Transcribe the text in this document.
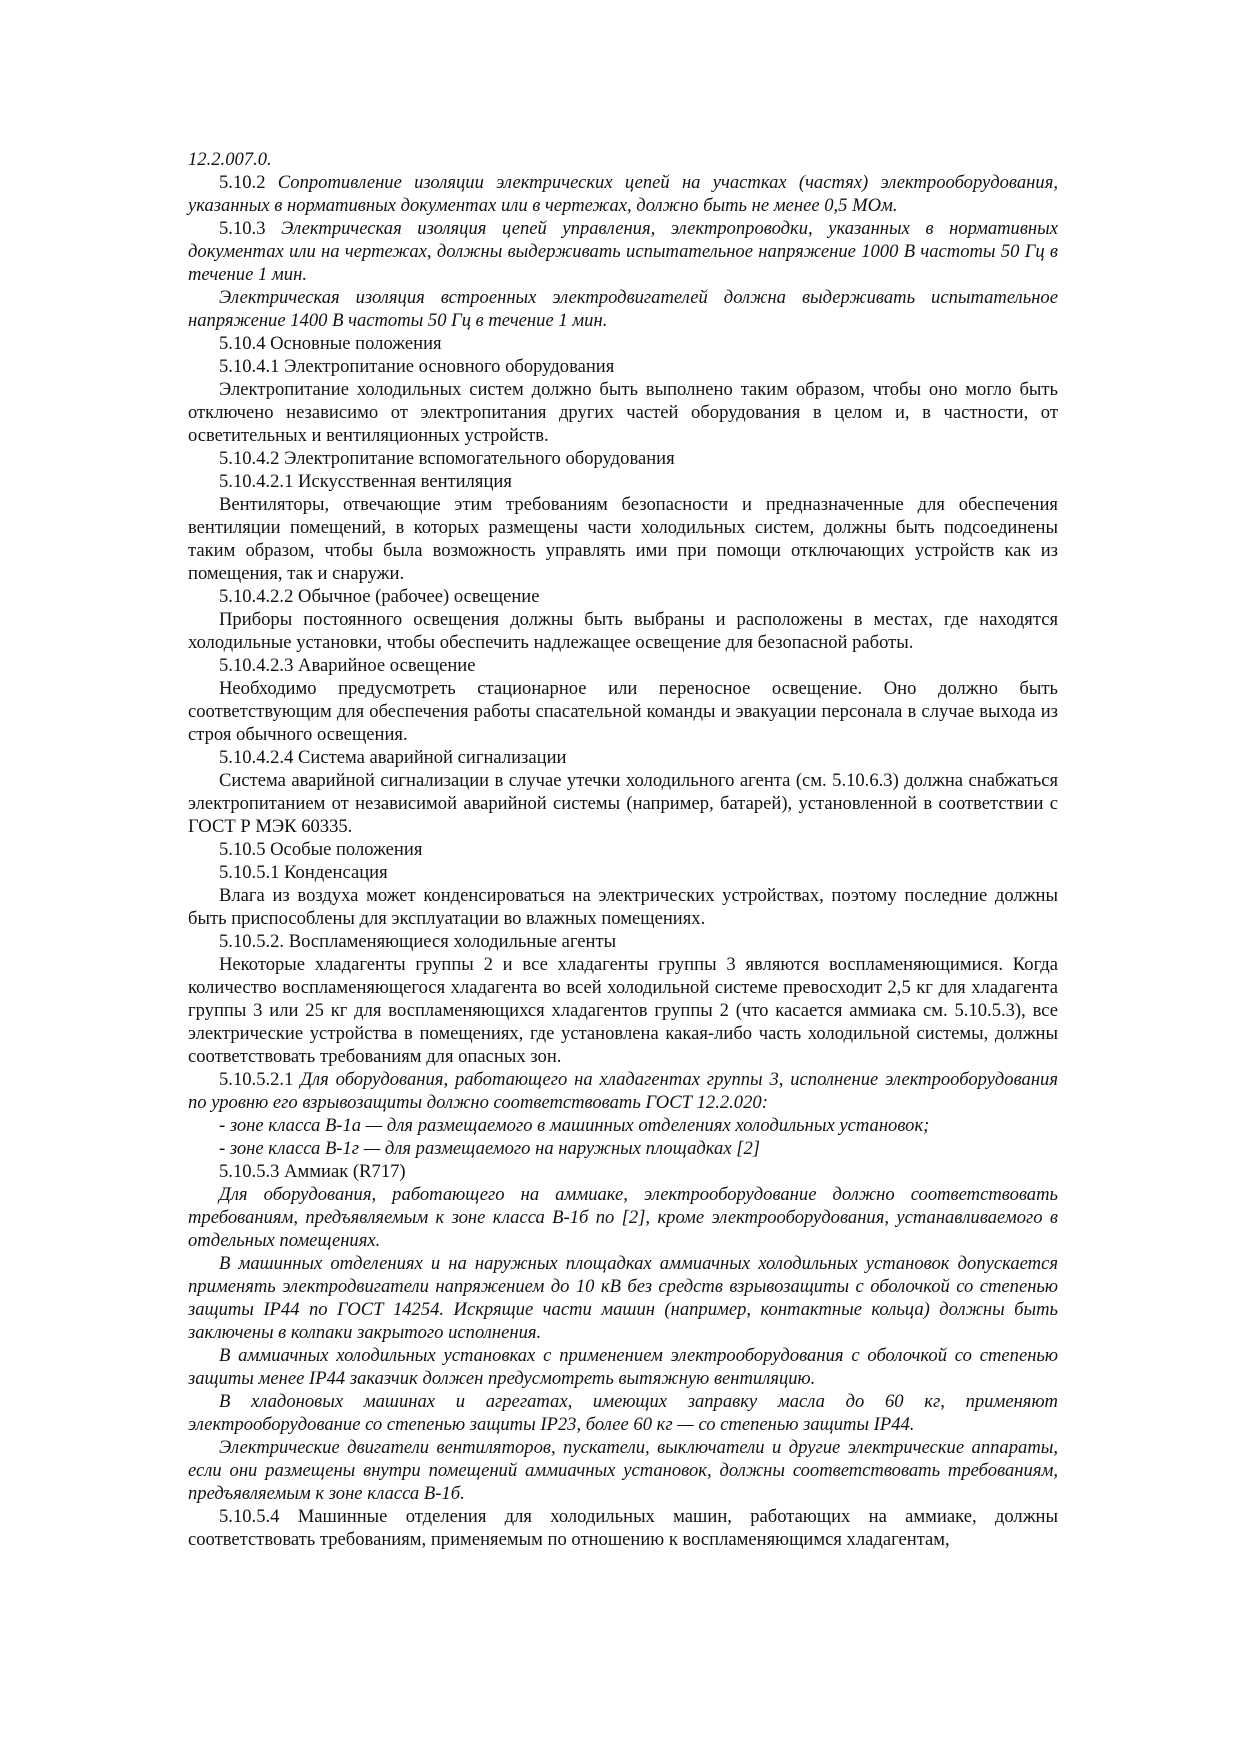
12.2.007.0.

5.10.2 Сопротивление изоляции электрических цепей на участках (частях) электрооборудования, указанных в нормативных документах или в чертежах, должно быть не менее 0,5 МОм.

5.10.3 Электрическая изоляция цепей управления, электропроводки, указанных в нормативных документах или на чертежах, должны выдерживать испытательное напряжение 1000 В частоты 50 Гц в течение 1 мин.

Электрическая изоляция встроенных электродвигателей должна выдерживать испытательное напряжение 1400 В частоты 50 Гц в течение 1 мин.

5.10.4 Основные положения

5.10.4.1 Электропитание основного оборудования

Электропитание холодильных систем должно быть выполнено таким образом, чтобы оно могло быть отключено независимо от электропитания других частей оборудования в целом и, в частности, от осветительных и вентиляционных устройств.

5.10.4.2 Электропитание вспомогательного оборудования

5.10.4.2.1 Искусственная вентиляция

Вентиляторы, отвечающие этим требованиям безопасности и предназначенные для обеспечения вентиляции помещений, в которых размещены части холодильных систем, должны быть подсоединены таким образом, чтобы была возможность управлять ими при помощи отключающих устройств как из помещения, так и снаружи.

5.10.4.2.2 Обычное (рабочее) освещение

Приборы постоянного освещения должны быть выбраны и расположены в местах, где находятся холодильные установки, чтобы обеспечить надлежащее освещение для безопасной работы.

5.10.4.2.3 Аварийное освещение

Необходимо предусмотреть стационарное или переносное освещение. Оно должно быть соответствующим для обеспечения работы спасательной команды и эвакуации персонала в случае выхода из строя обычного освещения.

5.10.4.2.4 Система аварийной сигнализации

Система аварийной сигнализации в случае утечки холодильного агента (см. 5.10.6.3) должна снабжаться электропитанием от независимой аварийной системы (например, батарей), установленной в соответствии с ГОСТ Р МЭК 60335.

5.10.5 Особые положения

5.10.5.1 Конденсация

Влага из воздуха может конденсироваться на электрических устройствах, поэтому последние должны быть приспособлены для эксплуатации во влажных помещениях.

5.10.5.2. Воспламеняющиеся холодильные агенты

Некоторые хладагенты группы 2 и все хладагенты группы 3 являются воспламеняющимися. Когда количество воспламеняющегося хладагента во всей холодильной системе превосходит 2,5 кг для хладагента группы 3 или 25 кг для воспламеняющихся хладагентов группы 2 (что касается аммиака см. 5.10.5.3), все электрические устройства в помещениях, где установлена какая-либо часть холодильной системы, должны соответствовать требованиям для опасных зон.

5.10.5.2.1 Для оборудования, работающего на хладагентах группы 3, исполнение электрооборудования по уровню его взрывозащиты должно соответствовать ГОСТ 12.2.020:

- зоне класса В-1а — для размещаемого в машинных отделениях холодильных установок;

- зоне класса В-1г — для размещаемого на наружных площадках [2]

5.10.5.3 Аммиак (R717)

Для оборудования, работающего на аммиаке, электрооборудование должно соответствовать требованиям, предъявляемым к зоне класса В-1б по [2], кроме электрооборудования, устанавливаемого в отдельных помещениях.

В машинных отделениях и на наружных площадках аммиачных холодильных установок допускается применять электродвигатели напряжением до 10 кВ без средств взрывозащиты с оболочкой со степенью защиты IP44 по ГОСТ 14254. Искрящие части машин (например, контактные кольца) должны быть заключены в колпаки закрытого исполнения.

В аммиачных холодильных установках с применением электрооборудования с оболочкой со степенью защиты менее IP44 заказчик должен предусмотреть вытяжную вентиляцию.

В хладоновых машинах и агрегатах, имеющих заправку масла до 60 кг, применяют электрооборудование со степенью защиты IP23, более 60 кг — со степенью защиты IP44.

Электрические двигатели вентиляторов, пускатели, выключатели и другие электрические аппараты, если они размещены внутри помещений аммиачных установок, должны соответствовать требованиям, предъявляемым к зоне класса В-1б.

5.10.5.4 Машинные отделения для холодильных машин, работающих на аммиаке, должны соответствовать требованиям, применяемым по отношению к воспламеняющимся хладагентам,
